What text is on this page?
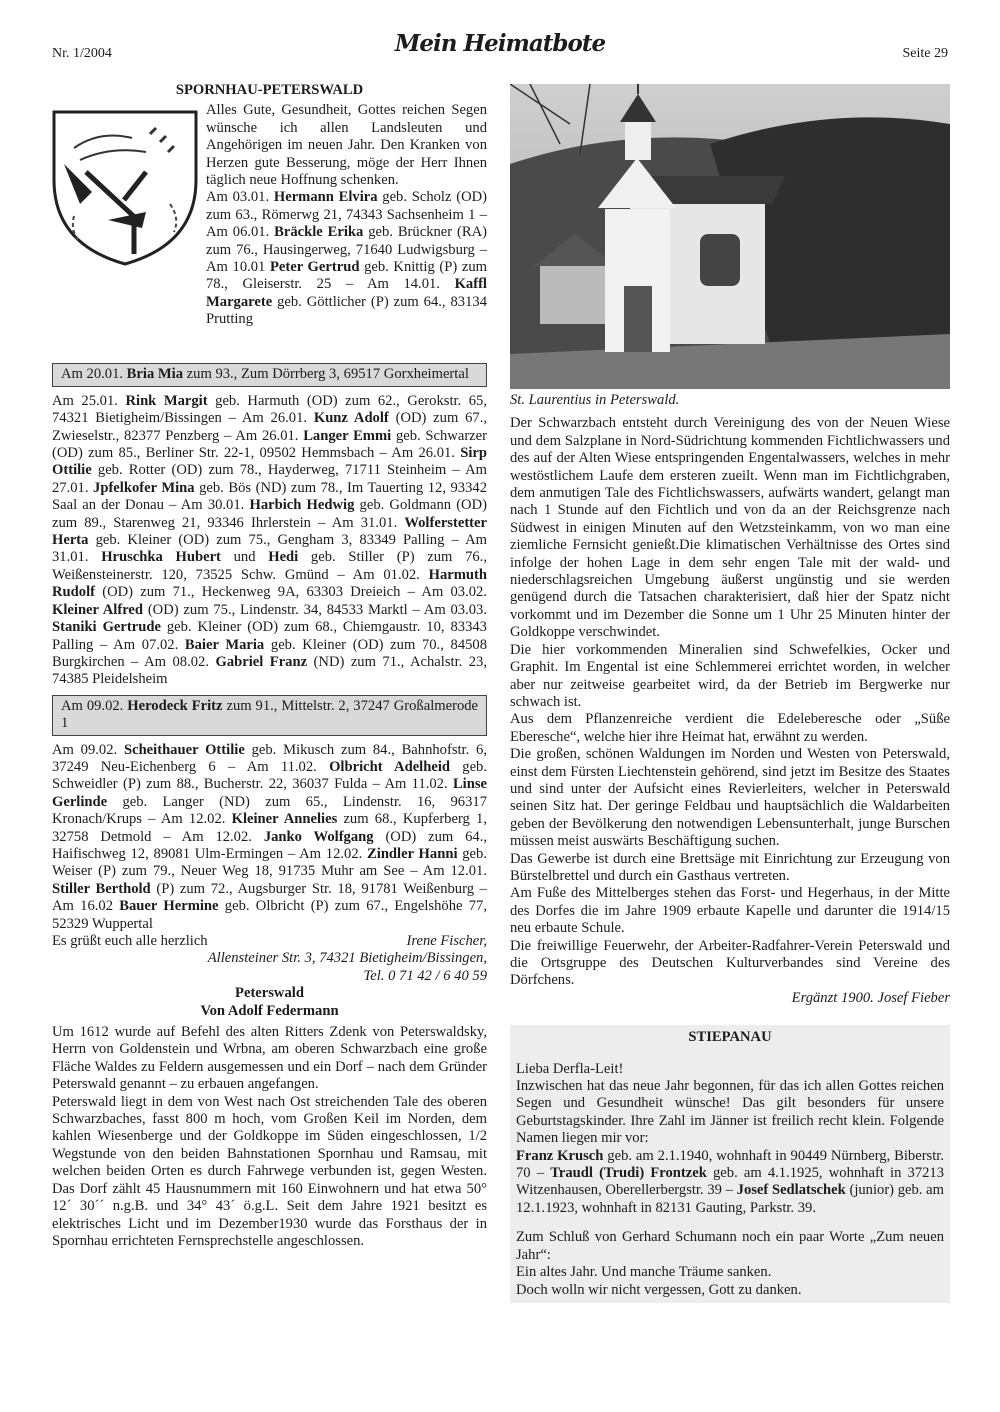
Nr. 1/2004	Mein Heimatbote	Seite 29
SPORNHAU-PETERSWALD

Alles Gute, Gesundheit, Gottes reichen Segen wünsche ich allen Landsleuten und Angehörigen im neuen Jahr. Den Kranken von Herzen gute Besserung, möge der Herr Ihnen täglich neue Hoffnung schenken.

Am 03.01. Hermann Elvira geb. Scholz (OD) zum 63., Römerwg 21, 74343 Sachsenheim 1 – Am 06.01. Bräckle Erika geb. Brückner (RA) zum 76., Hausingerweg, 71640 Ludwigsburg – Am 10.01 Peter Gertrud geb. Knittig (P) zum 78., Gleiserstr. 25 – Am 14.01. Kaffl Margarete geb. Göttlicher (P) zum 64., 83134 Prutting

Am 20.01. Bria Mia zum 93., Zum Dörrberg 3, 69517 Gorxheimertal

Am 25.01. Rink Margit geb. Harmuth (OD) zum 62., Gerokstr. 65, 74321 Bietigheim/Bissingen – Am 26.01. Kunz Adolf (OD) zum 67., Zwieselstr., 82377 Penzberg – Am 26.01. Langer Emmi geb. Schwarzer (OD) zum 85., Berliner Str. 22-1, 09502 Hemmsbach – Am 26.01. Sirp Ottilie geb. Rotter (OD) zum 78., Hayderweg, 71711 Steinheim – Am 27.01. Jpfelkofer Mina geb. Bös (ND) zum 78., Im Tauerting 12, 93342 Saal an der Donau – Am 30.01. Harbich Hedwig geb. Goldmann (OD) zum 89., Starenweg 21, 93346 Ihrlerstein – Am 31.01. Wolferstetter Herta geb. Kleiner (OD) zum 75., Gengham 3, 83349 Palling – Am 31.01. Hruschka Hubert und Hedi geb. Stiller (P) zum 76., Weißensteinerstr. 120, 73525 Schw. Gmünd – Am 01.02. Harmuth Rudolf (OD) zum 71., Heckenweg 9A, 63303 Dreieich – Am 03.02. Kleiner Alfred (OD) zum 75., Lindenstr. 34, 84533 Marktl – Am 03.03. Staniki Gertrude geb. Kleiner (OD) zum 68., Chiemgaustr. 10, 83343 Palling – Am 07.02. Baier Maria geb. Kleiner (OD) zum 70., 84508 Burgkirchen – Am 08.02. Gabriel Franz (ND) zum 71., Achalstr. 23, 74385 Pleidelsheim

Am 09.02. Herodeck Fritz zum 91., Mittelstr. 2, 37247 Großalmerode 1

Am 09.02. Scheithauer Ottilie geb. Mikusch zum 84., Bahnhofstr. 6, 37249 Neu-Eichenberg 6 – Am 11.02. Olbricht Adelheid geb. Schweidler (P) zum 88., Bucherstr. 22, 36037 Fulda – Am 11.02. Linse Gerlinde geb. Langer (ND) zum 65., Lindenstr. 16, 96317 Kronach/Krups – Am 12.02. Kleiner Annelies zum 68., Kupferberg 1, 32758 Detmold – Am 12.02. Janko Wolfgang (OD) zum 64., Haifischweg 12, 89081 Ulm-Ermingen – Am 12.02. Zindler Hanni geb. Weiser (P) zum 79., Neuer Weg 18, 91735 Muhr am See – Am 12.01. Stiller Berthold (P) zum 72., Augsburger Str. 18, 91781 Weißenburg – Am 16.02 Bauer Hermine geb. Olbricht (P) zum 67., Engelshöhe 77, 52329 Wuppertal

Es grüßt euch alle herzlich	Irene Fischer,

Allensteiner Str. 3, 74321 Bietigheim/Bissingen,

Tel. 0 71 42 / 6 40 59

Peterswald
Von Adolf Federmann

Um 1612 wurde auf Befehl des alten Ritters Zdenk von Peterswaldsky, Herrn von Goldenstein und Wrbna, am oberen Schwarzbach eine große Fläche Waldes zu Feldern ausgemessen und ein Dorf – nach dem Gründer Peterswald genannt – zu erbauen angefangen.

Peterswald liegt in dem von West nach Ost streichenden Tale des oberen Schwarzbaches, fasst 800 m hoch, vom Großen Keil im Norden, dem kahlen Wiesenberge und der Goldkoppe im Süden eingeschlossen, 1/2 Wegstunde von den beiden Bahnstationen Spornhau und Ramsau, mit welchen beiden Orten es durch Fahrwege verbunden ist, gegen Westen. Das Dorf zählt 45 Hausnummern mit 160 Einwohnern und hat etwa 50° 12´ 30´´ n.g.B. und 34° 43´ ö.g.L. Seit dem Jahre 1921 besitzt es elektrisches Licht und im Dezember1930 wurde das Forsthaus der in Spornhau errichteten Fernsprechstelle angeschlossen.

St. Laurentius in Peterswald.

Der Schwarzbach entsteht durch Vereinigung des von der Neuen Wiese und dem Salzplane in Nord-Südrichtung kommenden Fichtlichwassers und des auf der Alten Wiese entspringenden Engentalwassers, welches in mehr westöstlichem Laufe dem ersteren zueilt. Wenn man im Fichtlichgraben, dem anmutigen Tale des Fichtlichswassers, aufwärts wandert, gelangt man nach 1 Stunde auf den Fichtlich und von da an der Reichsgrenze nach Südwest in einigen Minuten auf den Wetzsteinkamm, von wo man eine ziemliche Fernsicht genießt.Die klimatischen Verhältnisse des Ortes sind infolge der hohen Lage in dem sehr engen Tale mit der wald- und niederschlagsreichen Umgebung äußerst ungünstig und sie werden genügend durch die Tatsachen charakterisiert, daß hier der Spatz nicht vorkommt und im Dezember die Sonne um 1 Uhr 25 Minuten hinter der Goldkoppe verschwindet.

Die hier vorkommenden Mineralien sind Schwefelkies, Ocker und Graphit. Im Engental ist eine Schlemmerei errichtet worden, in welcher aber nur zeitweise gearbeitet wird, da der Betrieb im Bergwerke nur schwach ist.

Aus dem Pflanzenreiche verdient die Edeleberesche oder „Süße Eberesche“, welche hier ihre Heimat hat, erwähnt zu werden.

Die großen, schönen Waldungen im Norden und Westen von Peterswald, einst dem Fürsten Liechtenstein gehörend, sind jetzt im Besitze des Staates und sind unter der Aufsicht eines Revierleiters, welcher in Peterswald seinen Sitz hat. Der geringe Feldbau und hauptsächlich die Waldarbeiten geben der Bevölkerung den notwendigen Lebensunterhalt, junge Burschen müssen meist auswärts Beschäftigung suchen.

Das Gewerbe ist durch eine Brettsäge mit Einrichtung zur Erzeugung von Bürstelbrettel und durch ein Gasthaus vertreten.

Am Fuße des Mittelberges stehen das Forst- und Hegerhaus, in der Mitte des Dorfes die im Jahre 1909 erbaute Kapelle und darunter die 1914/15 neu erbaute Schule.

Die freiwillige Feuerwehr, der Arbeiter-Radfahrer-Verein Peterswald und die Ortsgruppe des Deutschen Kulturverbandes sind Vereine des Dörfchens.

Ergänzt 1900. Josef Fieber

STIEPANAU

Lieba Derfla-Leit!

Inzwischen hat das neue Jahr begonnen, für das ich allen Gottes reichen Segen und Gesundheit wünsche! Das gilt besonders für unsere Geburtstagskinder. Ihre Zahl im Jänner ist freilich recht klein. Folgende Namen liegen mir vor:

Franz Krusch geb. am 2.1.1940, wohnhaft in 90449 Nürnberg, Biberstr. 70 – Traudl (Trudi) Frontzek geb. am 4.1.1925, wohnhaft in 37213 Witzenhausen, Oberellerbergstr. 39 – Josef Sedlatschek (junior) geb. am 12.1.1923, wohnhaft in 82131 Gauting, Parkstr. 39.

Zum Schluß von Gerhard Schumann noch ein paar Worte „Zum neuen Jahr“:

Ein altes Jahr. Und manche Träume sanken.

Doch wolln wir nicht vergessen, Gott zu danken.
